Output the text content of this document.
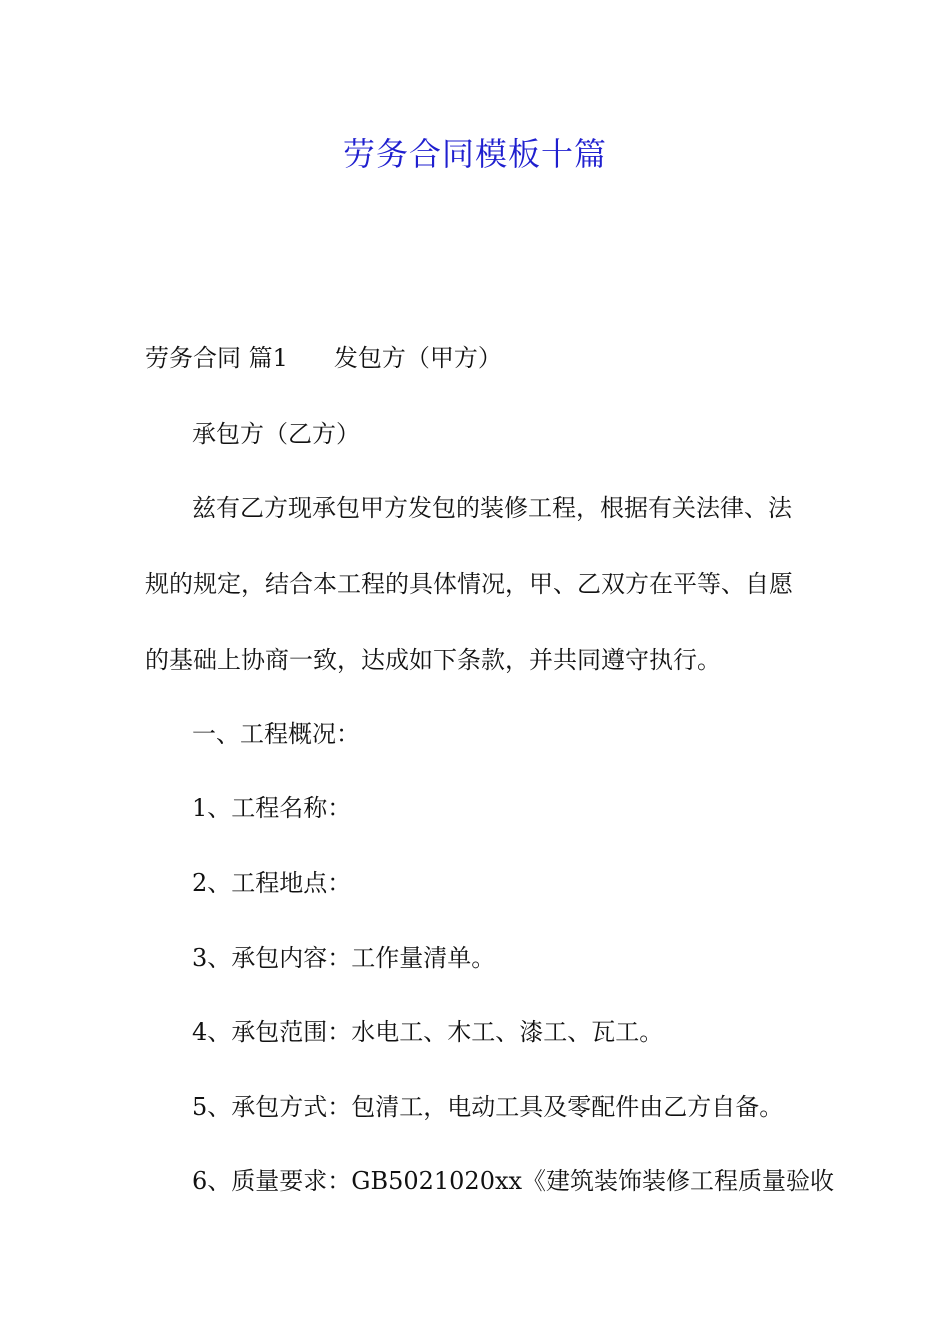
劳务合同模板十篇
劳务合同 篇1 发包方（甲方）
承包方（乙方）
兹有乙方现承包甲方发包的装修工程，根据有关法律、法
规的规定，结合本工程的具体情况，甲、乙双方在平等、自愿
的基础上协商一致，达成如下条款，并共同遵守执行。
一、工程概况：
1、工程名称：
2、工程地点：
3、承包内容：工作量清单。
4、承包范围：水电工、木工、漆工、瓦工。
5、承包方式：包清工，电动工具及零配件由乙方自备。
6、质量要求：GB5021020xx《建筑装饰装修工程质量验收
